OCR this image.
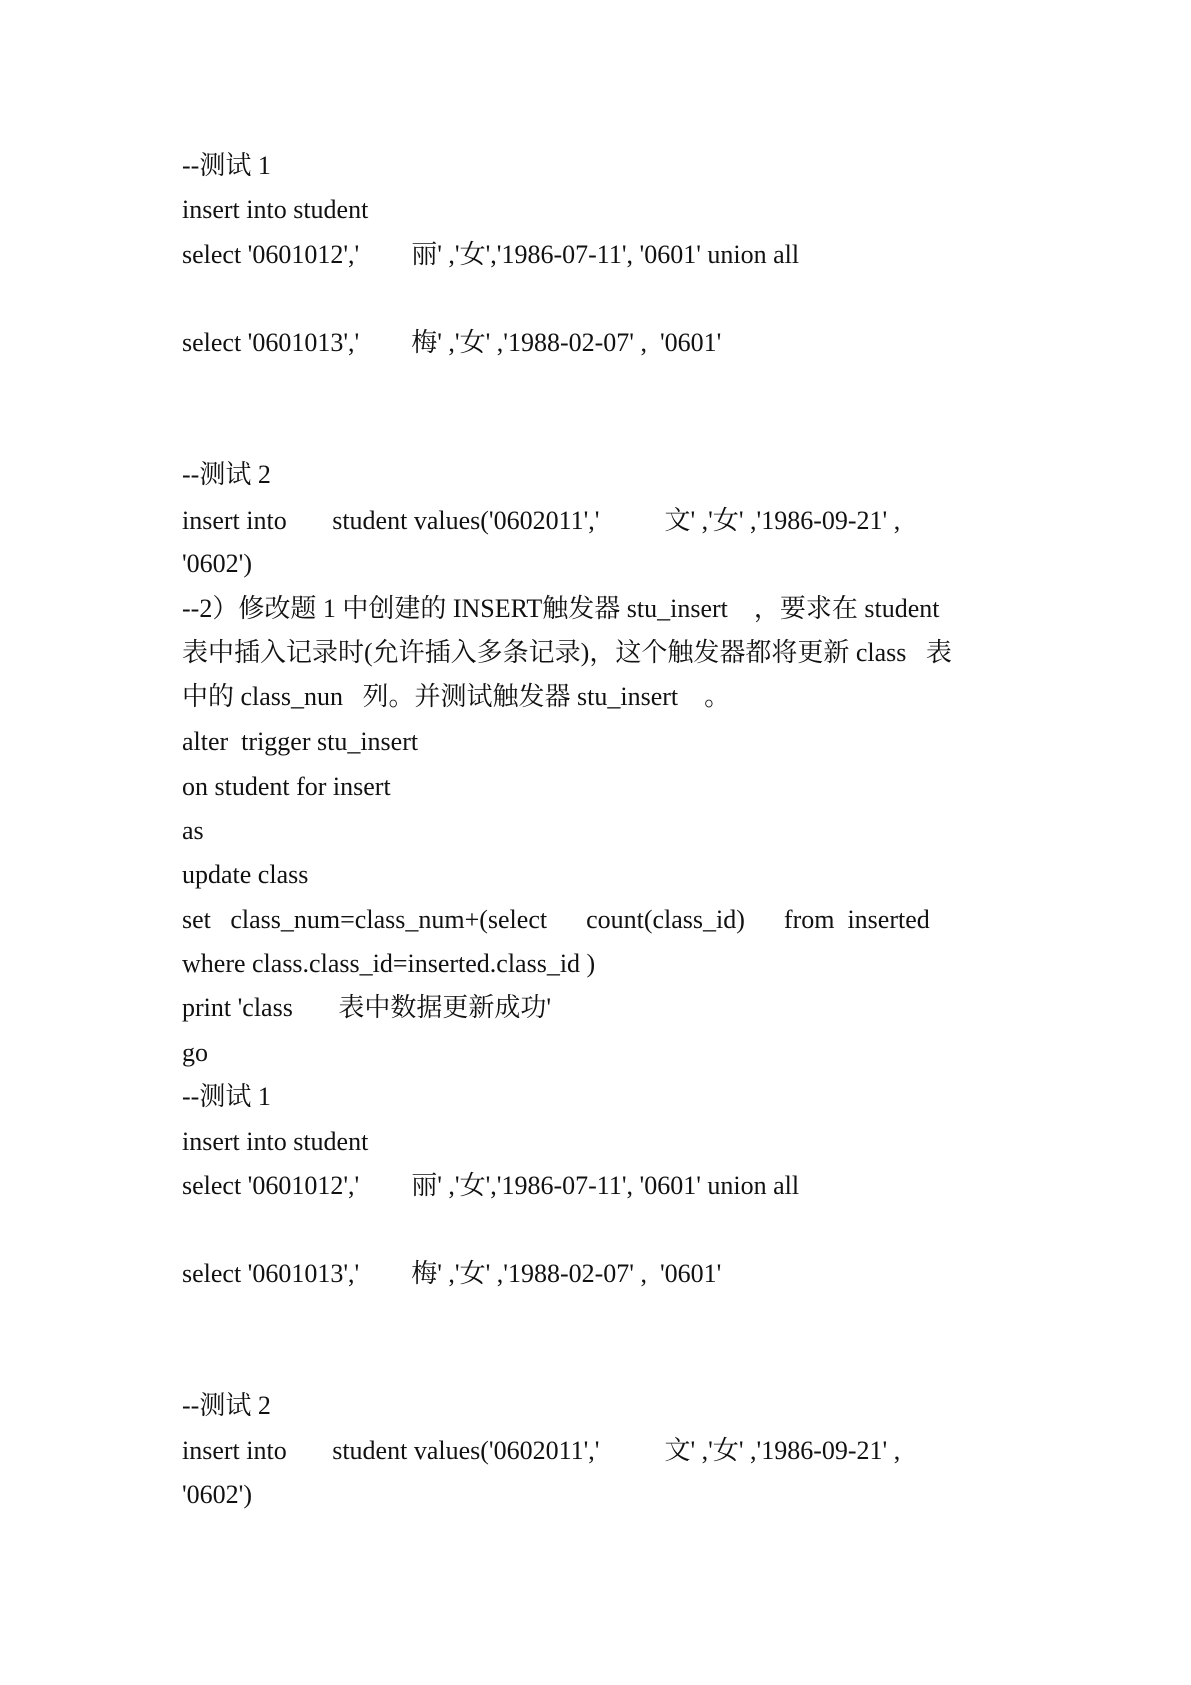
--测试 1
insert into student
select '0601012','        丽' ,'女','1986-07-11', '0601' union all
select '0601013','        梅' ,'女' ,'1988-02-07' ,  '0601'
--测试 2
insert into       student values('0602011','          文' ,'女' ,'1986-09-21' ,
'0602')
--2）修改题 1 中创建的 INSERT触发器 stu_insert    ，要求在 student
表中插入记录时(允许插入多条记录)，这个触发器都将更新 class   表
中的 class_nun   列。并测试触发器 stu_insert    。
alter  trigger stu_insert
on student for insert
as
update class
set   class_num=class_num+(select      count(class_id)      from  inserted
where class.class_id=inserted.class_id )
print 'class       表中数据更新成功'
go
--测试 1
insert into student
select '0601012','        丽' ,'女','1986-07-11', '0601' union all
select '0601013','        梅' ,'女' ,'1988-02-07' ,  '0601'
--测试 2
insert into       student values('0602011','          文' ,'女' ,'1986-09-21' ,
'0602')
